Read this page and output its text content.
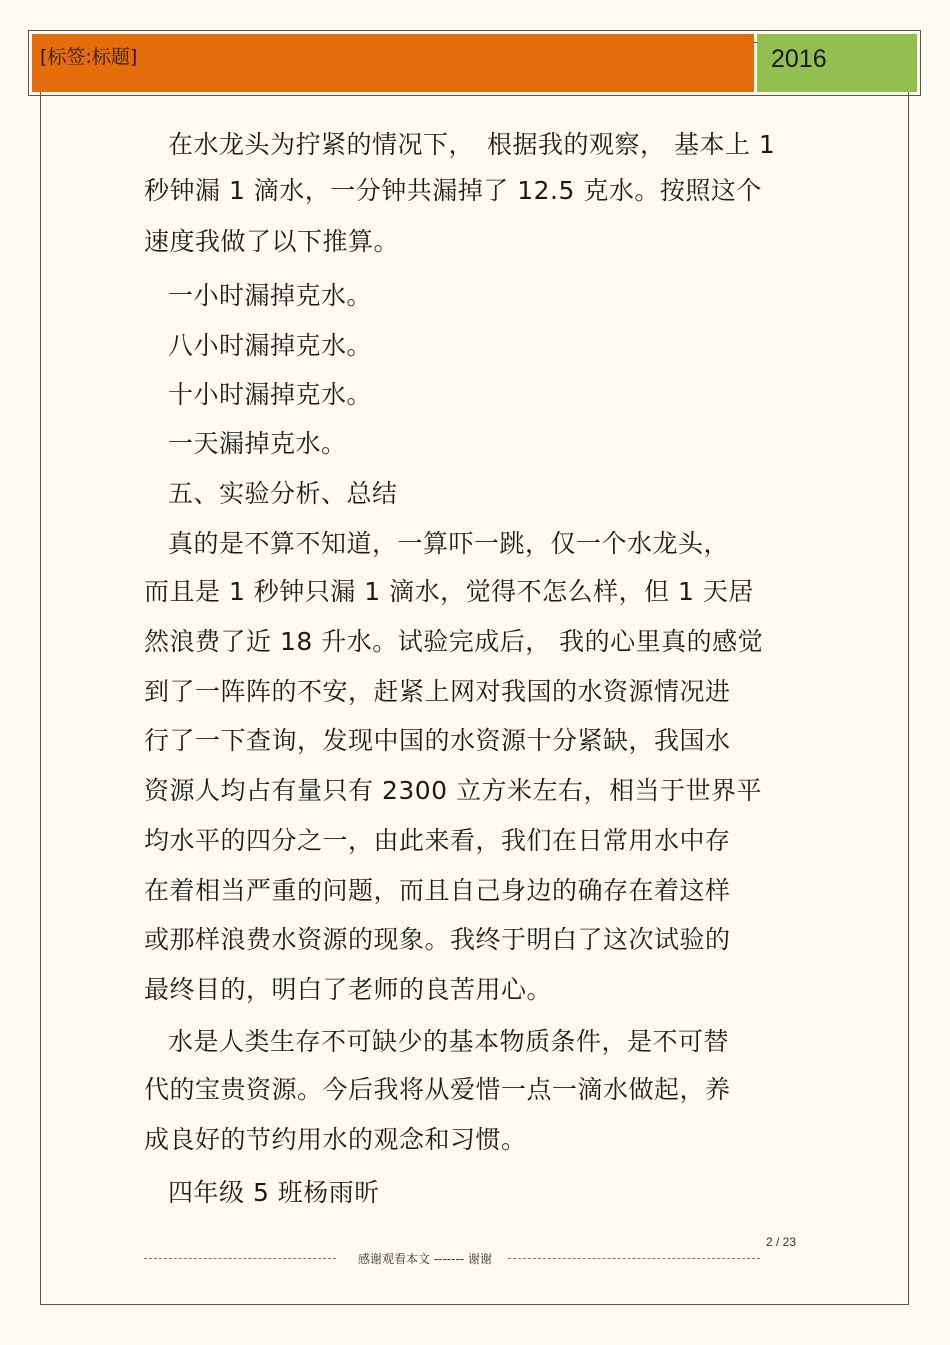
[标签:标题]	2016
在水龙头为拧紧的情况下，　根据我的观察， 基本上 1
秒钟漏 1 滴水，一分钟共漏掉了 12.5 克水。按照这个
速度我做了以下推算。
一小时漏掉克水。
八小时漏掉克水。
十小时漏掉克水。
一天漏掉克水。
五、实验分析、总结
真的是不算不知道，一算吓一跳，仅一个水龙头，
而且是 1 秒钟只漏 1 滴水，觉得不怎么样，但 1 天居
然浪费了近 18 升水。试验完成后， 我的心里真的感觉
到了一阵阵的不安，赶紧上网对我国的水资源情况进
行了一下查询，发现中国的水资源十分紧缺，我国水
资源人均占有量只有 2300 立方米左右，相当于世界平
均水平的四分之一，由此来看，我们在日常用水中存
在着相当严重的问题，而且自己身边的确存在着这样
或那样浪费水资源的现象。我终于明白了这次试验的
最终目的，明白了老师的良苦用心。
水是人类生存不可缺少的基本物质条件，是不可替
代的宝贵资源。今后我将从爱惜一点一滴水做起，养
成良好的节约用水的观念和习惯。
四年级 5 班杨雨昕
2 / 23
感谢观看本文 ------- 谢谢
